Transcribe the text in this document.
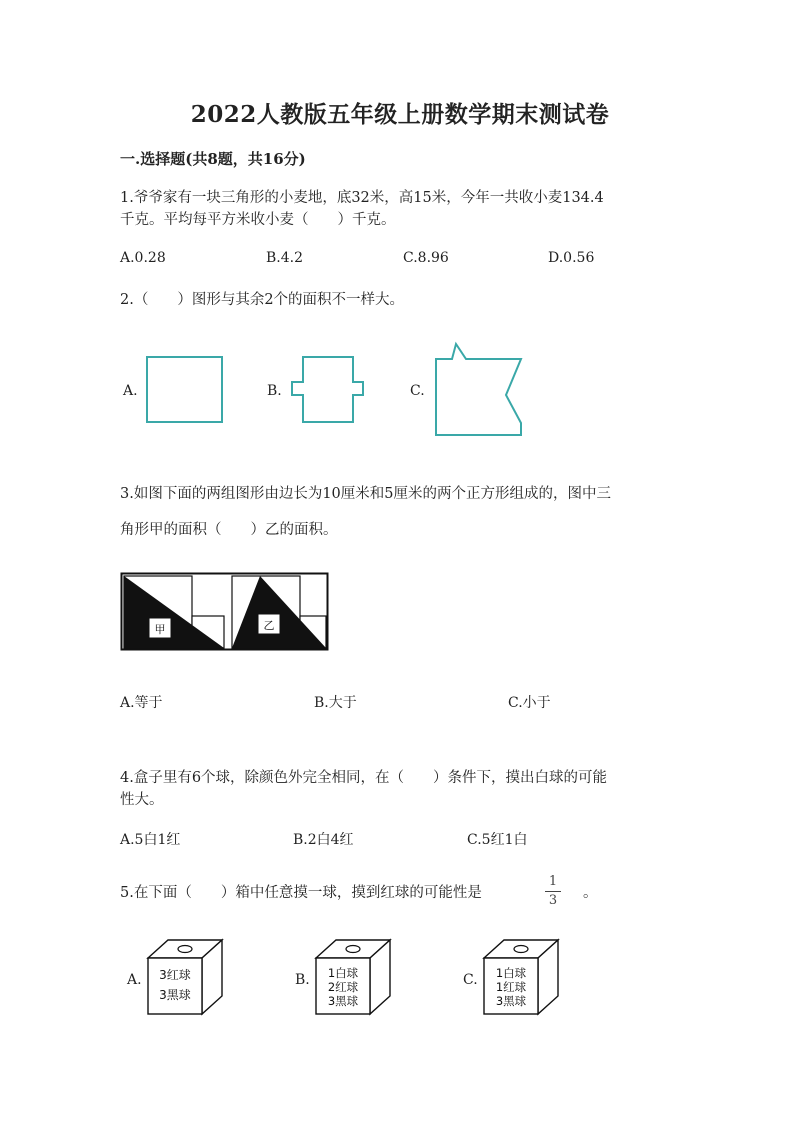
2022人教版五年级上册数学期末测试卷
一.选择题(共8题，共16分)
1.爷爷家有一块三角形的小麦地，底32米，高15米，今年一共收小麦134.4
千克。平均每平方米收小麦（　　）千克。
A.0.28	B.4.2	C.8.96	D.0.56
2.（　　）图形与其余2个的面积不一样大。
A.	B.	C.
3.如图下面的两组图形由边长为10厘米和5厘米的两个正方形组成的，图中三
角形甲的面积（　　）乙的面积。
甲	乙
A.等于	B.大于	C.小于
4.盒子里有6个球，除颜色外完全相同，在（　　）条件下，摸出白球的可能
性大。
A.5白1红	B.2白4红	C.5红1白
5.在下面（　　）箱中任意摸一球，摸到红球的可能性是
1
3 。
A.	B.	C.
3红球
3黑球
1白球
2红球
3黑球
1白球
1红球
3黑球
